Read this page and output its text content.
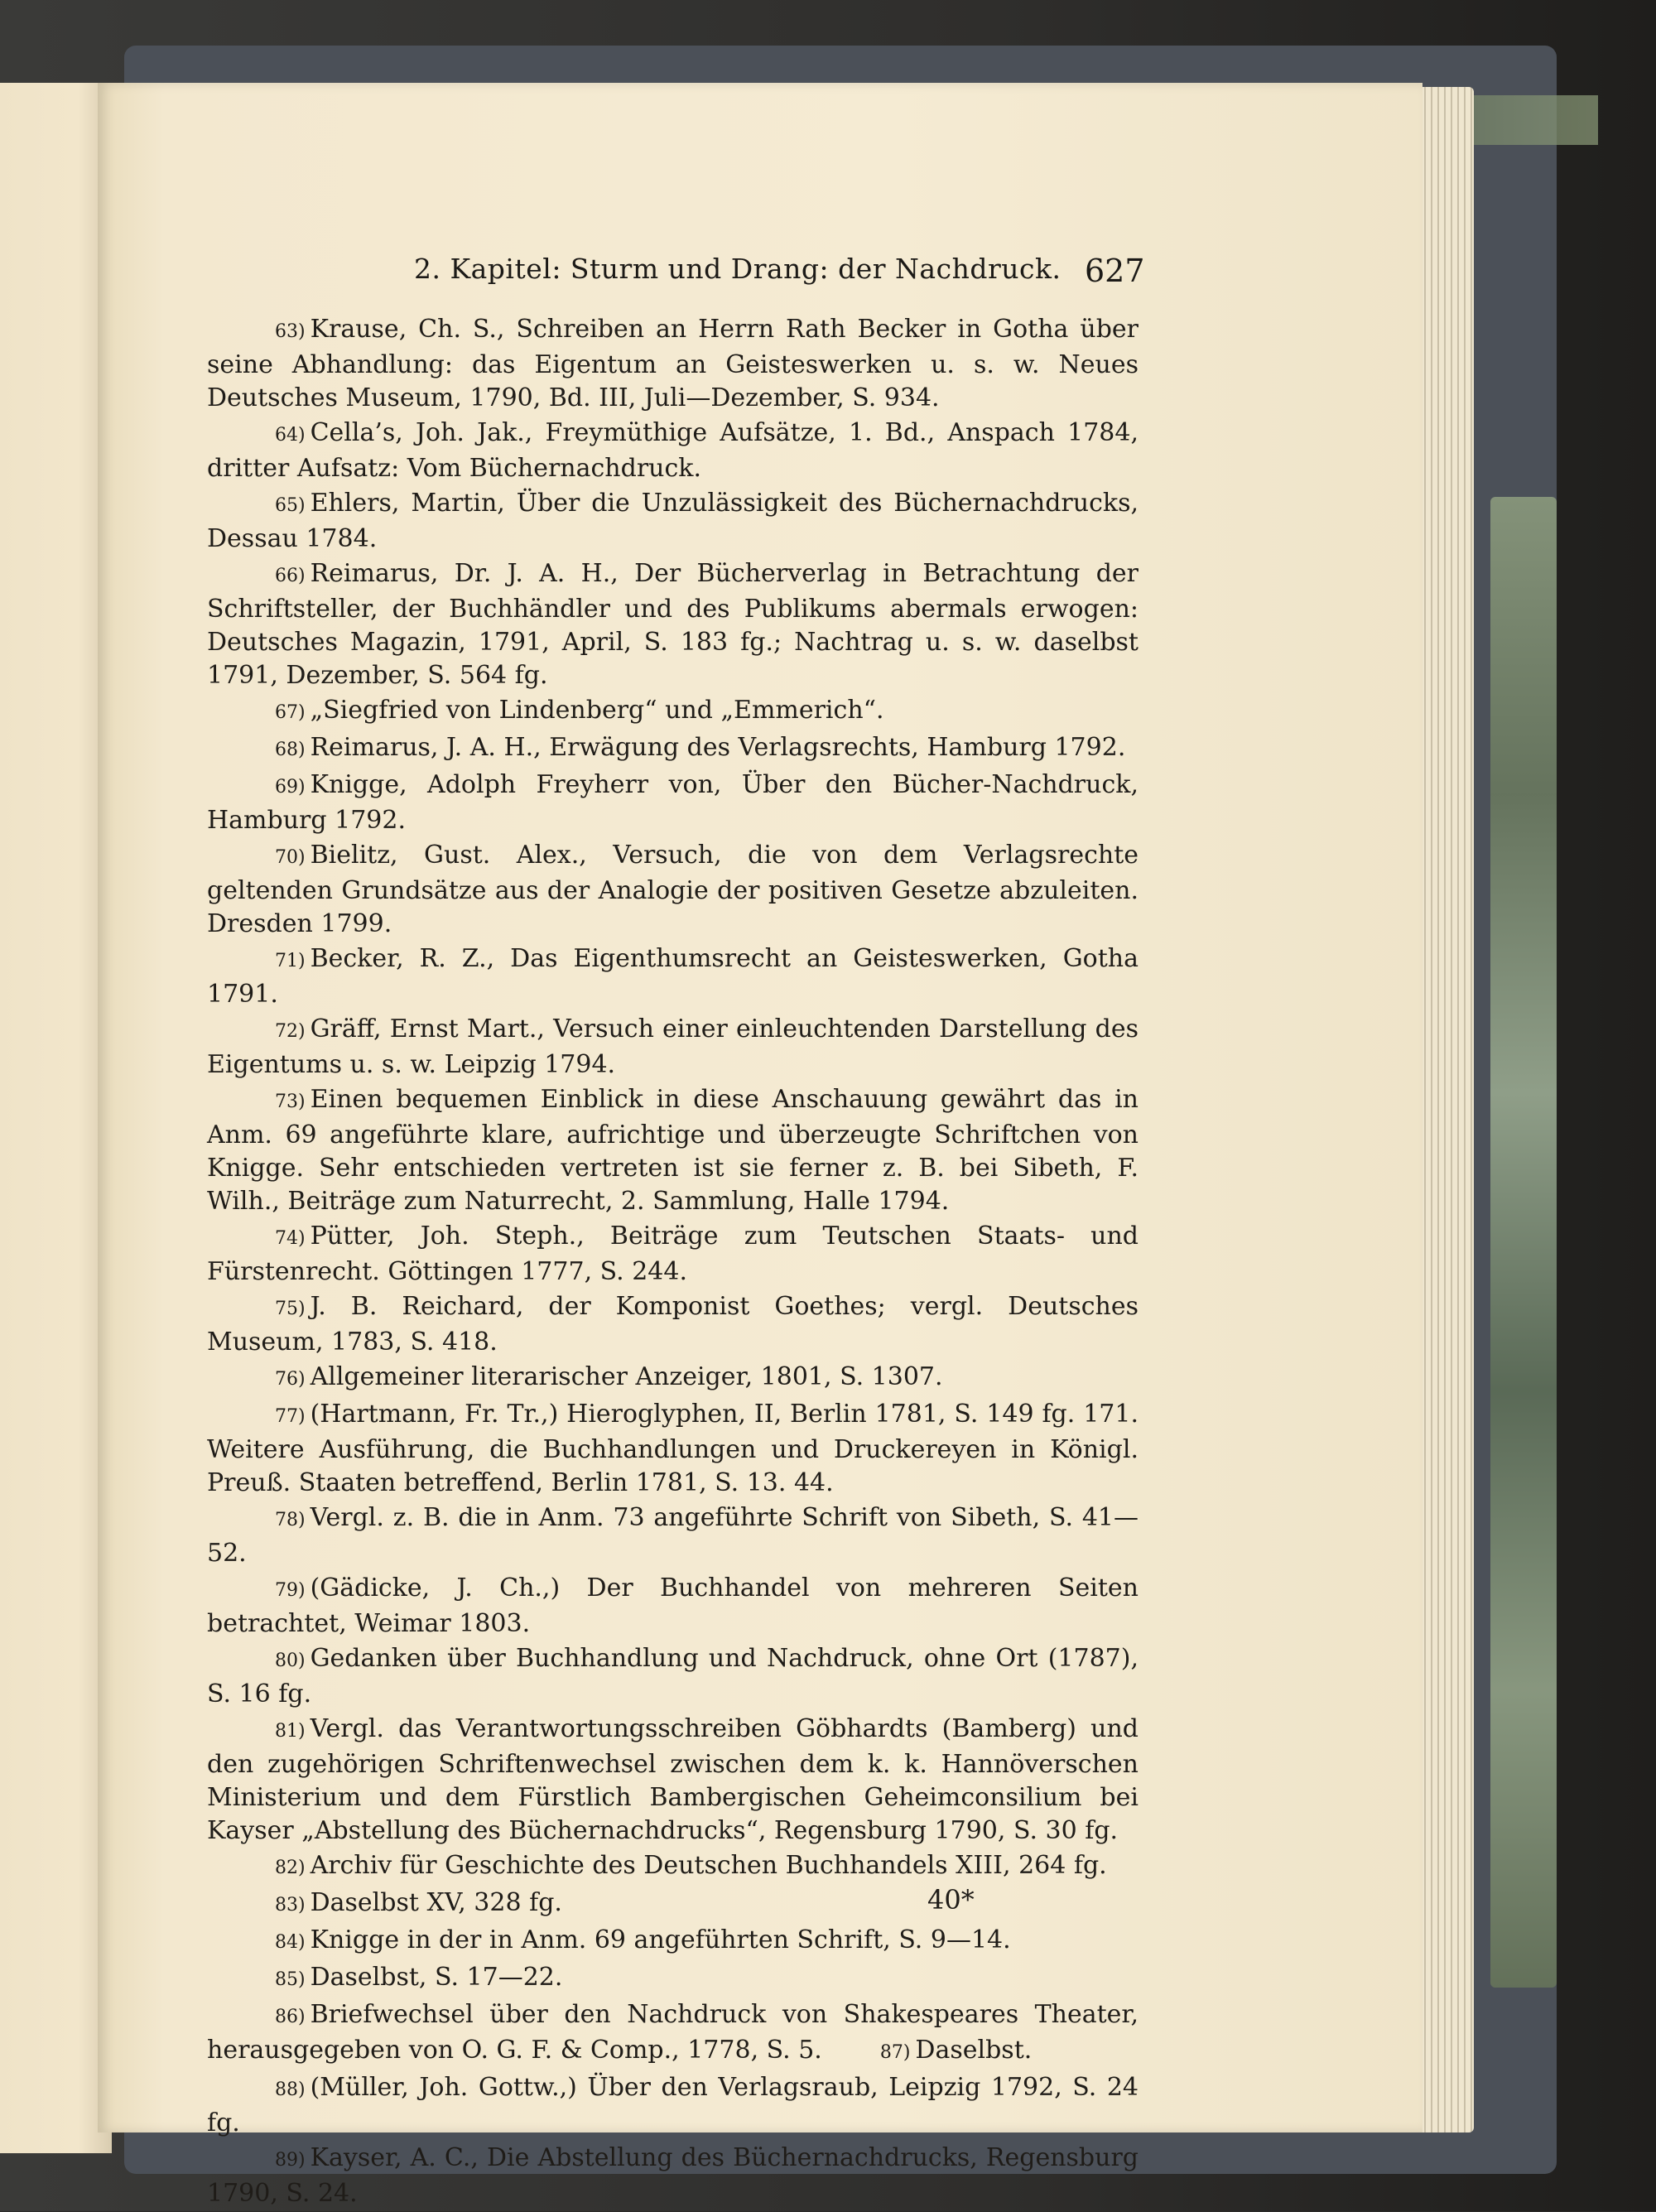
2. Kapitel: Sturm und Drang: der Nachdruck. 627

63) Krause, Ch. S., Schreiben an Herrn Rath Becker in Gotha über seine Abhandlung: das Eigentum an Geisteswerken u. s. w. Neues Deutsches Museum, 1790, Bd. III, Juli—Dezember, S. 934.

64) Cella’s, Joh. Jak., Freymüthige Aufsätze, 1. Bd., Anspach 1784, dritter Aufsatz: Vom Büchernachdruck.

65) Ehlers, Martin, Über die Unzulässigkeit des Büchernachdrucks, Dessau 1784.

66) Reimarus, Dr. J. A. H., Der Bücherverlag in Betrachtung der Schriftsteller, der Buchhändler und des Publikums abermals erwogen: Deutsches Magazin, 1791, April, S. 183 fg.; Nachtrag u. s. w. daselbst 1791, Dezember, S. 564 fg.

67) „Siegfried von Lindenberg“ und „Emmerich“.

68) Reimarus, J. A. H., Erwägung des Verlagsrechts, Hamburg 1792.

69) Knigge, Adolph Freyherr von, Über den Bücher-Nachdruck, Hamburg 1792.

70) Bielitz, Gust. Alex., Versuch, die von dem Verlagsrechte geltenden Grundsätze aus der Analogie der positiven Gesetze abzuleiten. Dresden 1799.

71) Becker, R. Z., Das Eigenthumsrecht an Geisteswerken, Gotha 1791.

72) Gräff, Ernst Mart., Versuch einer einleuchtenden Darstellung des Eigentums u. s. w. Leipzig 1794.

73) Einen bequemen Einblick in diese Anschauung gewährt das in Anm. 69 angeführte klare, aufrichtige und überzeugte Schriftchen von Knigge. Sehr entschieden vertreten ist sie ferner z. B. bei Sibeth, F. Wilh., Beiträge zum Naturrecht, 2. Sammlung, Halle 1794.

74) Pütter, Joh. Steph., Beiträge zum Teutschen Staats- und Fürstenrecht. Göttingen 1777, S. 244.

75) J. B. Reichard, der Komponist Goethes; vergl. Deutsches Museum, 1783, S. 418.

76) Allgemeiner literarischer Anzeiger, 1801, S. 1307.

77) (Hartmann, Fr. Tr.,) Hieroglyphen, II, Berlin 1781, S. 149 fg. 171. Weitere Ausführung, die Buchhandlungen und Druckereyen in Königl. Preuß. Staaten betreffend, Berlin 1781, S. 13. 44.

78) Vergl. z. B. die in Anm. 73 angeführte Schrift von Sibeth, S. 41—52.

79) (Gädicke, J. Ch.,) Der Buchhandel von mehreren Seiten betrachtet, Weimar 1803.

80) Gedanken über Buchhandlung und Nachdruck, ohne Ort (1787), S. 16 fg.

81) Vergl. das Verantwortungsschreiben Göbhardts (Bamberg) und den zugehörigen Schriftenwechsel zwischen dem k. k. Hannöverschen Ministerium und dem Fürstlich Bambergischen Geheimconsilium bei Kayser „Abstellung des Büchernachdrucks“, Regensburg 1790, S. 30 fg.

82) Archiv für Geschichte des Deutschen Buchhandels XIII, 264 fg.

83) Daselbst XV, 328 fg.

84) Knigge in der in Anm. 69 angeführten Schrift, S. 9—14.

85) Daselbst, S. 17—22.

86) Briefwechsel über den Nachdruck von Shakespeares Theater, herausgegeben von O. G. F. & Comp., 1778, S. 5.	87) Daselbst.

88) (Müller, Joh. Gottw.,) Über den Verlagsraub, Leipzig 1792, S. 24 fg.

89) Kayser, A. C., Die Abstellung des Büchernachdrucks, Regensburg 1790, S. 24.

40*
